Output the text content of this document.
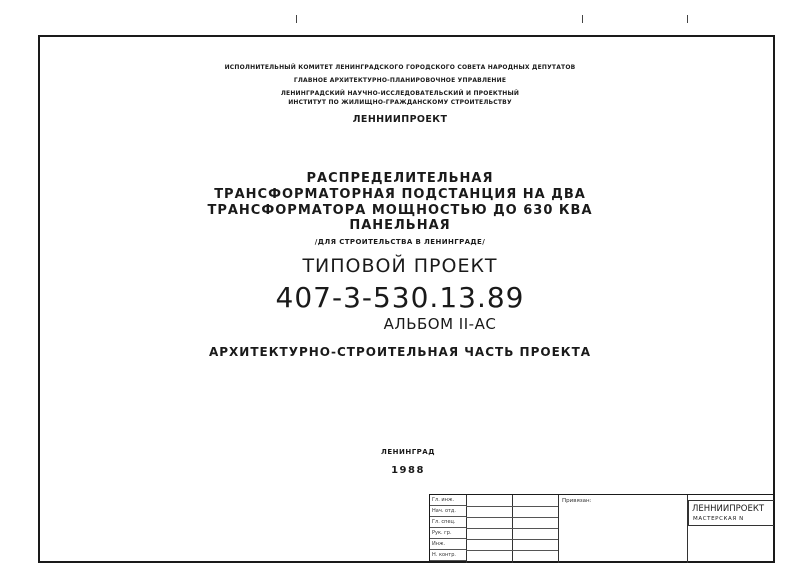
ИСПОЛНИТЕЛЬНЫЙ КОМИТЕТ ЛЕНИНГРАДСКОГО ГОРОДСКОГО СОВЕТА НАРОДНЫХ ДЕПУТАТОВ
ГЛАВНОЕ АРХИТЕКТУРНО-ПЛАНИРОВОЧНОЕ УПРАВЛЕНИЕ
ЛЕНИНГРАДСКИЙ НАУЧНО-ИССЛЕДОВАТЕЛЬСКИЙ И ПРОЕКТНЫЙ
ИНСТИТУТ ПО ЖИЛИЩНО-ГРАЖДАНСКОМУ СТРОИТЕЛЬСТВУ
ЛЕННИИПРОЕКТ
РАСПРЕДЕЛИТЕЛЬНАЯ
ТРАНСФОРМАТОРНАЯ ПОДСТАНЦИЯ НА ДВА
ТРАНСФОРМАТОРА МОЩНОСТЬЮ ДО 630 КВА
ПАНЕЛЬНАЯ
/ДЛЯ СТРОИТЕЛЬСТВА В ЛЕНИНГРАДЕ/
ТИПОВОЙ ПРОЕКТ
407-3-530.13.89
АЛЬБОМ II-АС
АРХИТЕКТУРНО-СТРОИТЕЛЬНАЯ ЧАСТЬ ПРОЕКТА
ЛЕНИНГРАД
1988
Гл. инж.
Нач. отд.
Гл. спец.
Рук. гр.
Инж.
Н. контр.
Привязан:
ЛЕННИИПРОЕКТ
МАСТЕРСКАЯ N
